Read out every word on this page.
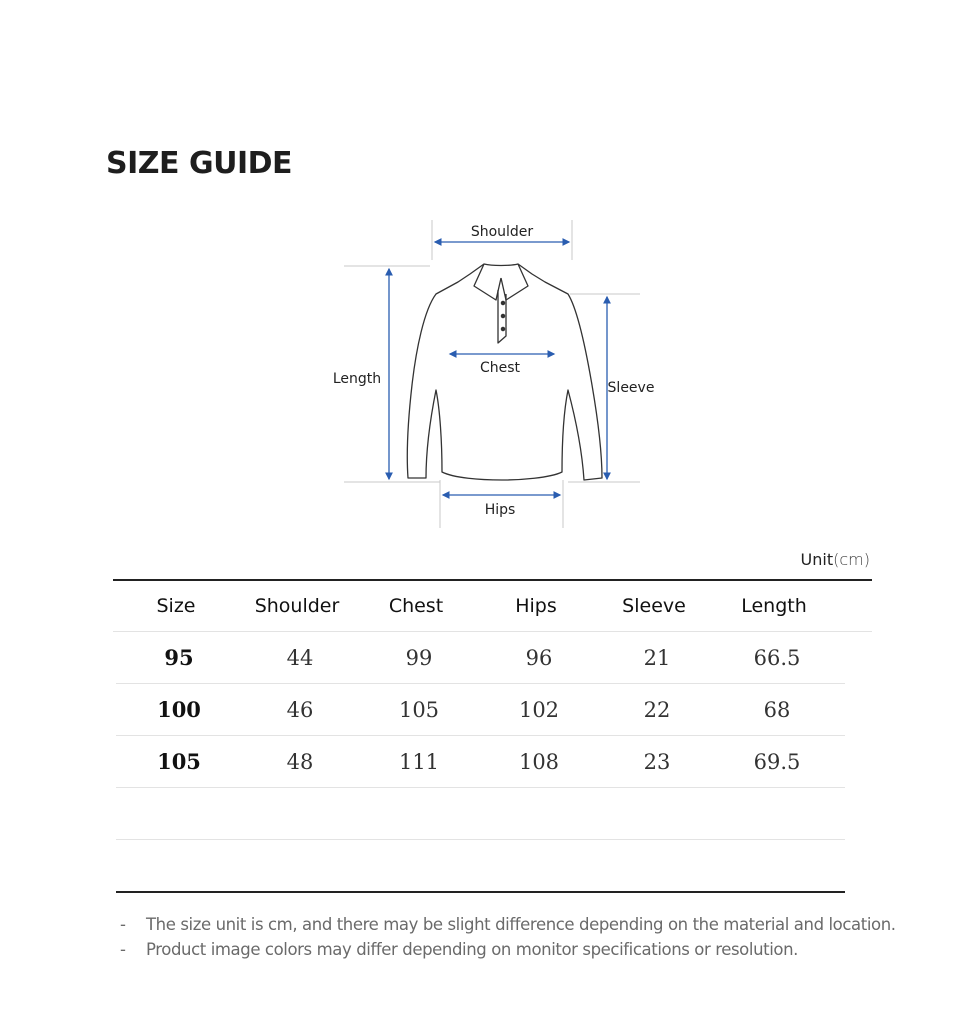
SIZE GUIDE
Shoulder
Chest
Length
Sleeve
Hips
Unit(cm)
Size	Shoulder	Chest	Hips	Sleeve	Length
95	44	99	96	21	66.5
100	46	105	102	22	68
105	48	111	108	23	69.5
-	The size unit is cm, and there may be slight difference depending on the material and location.
-	Product image colors may differ depending on monitor specifications or resolution.
